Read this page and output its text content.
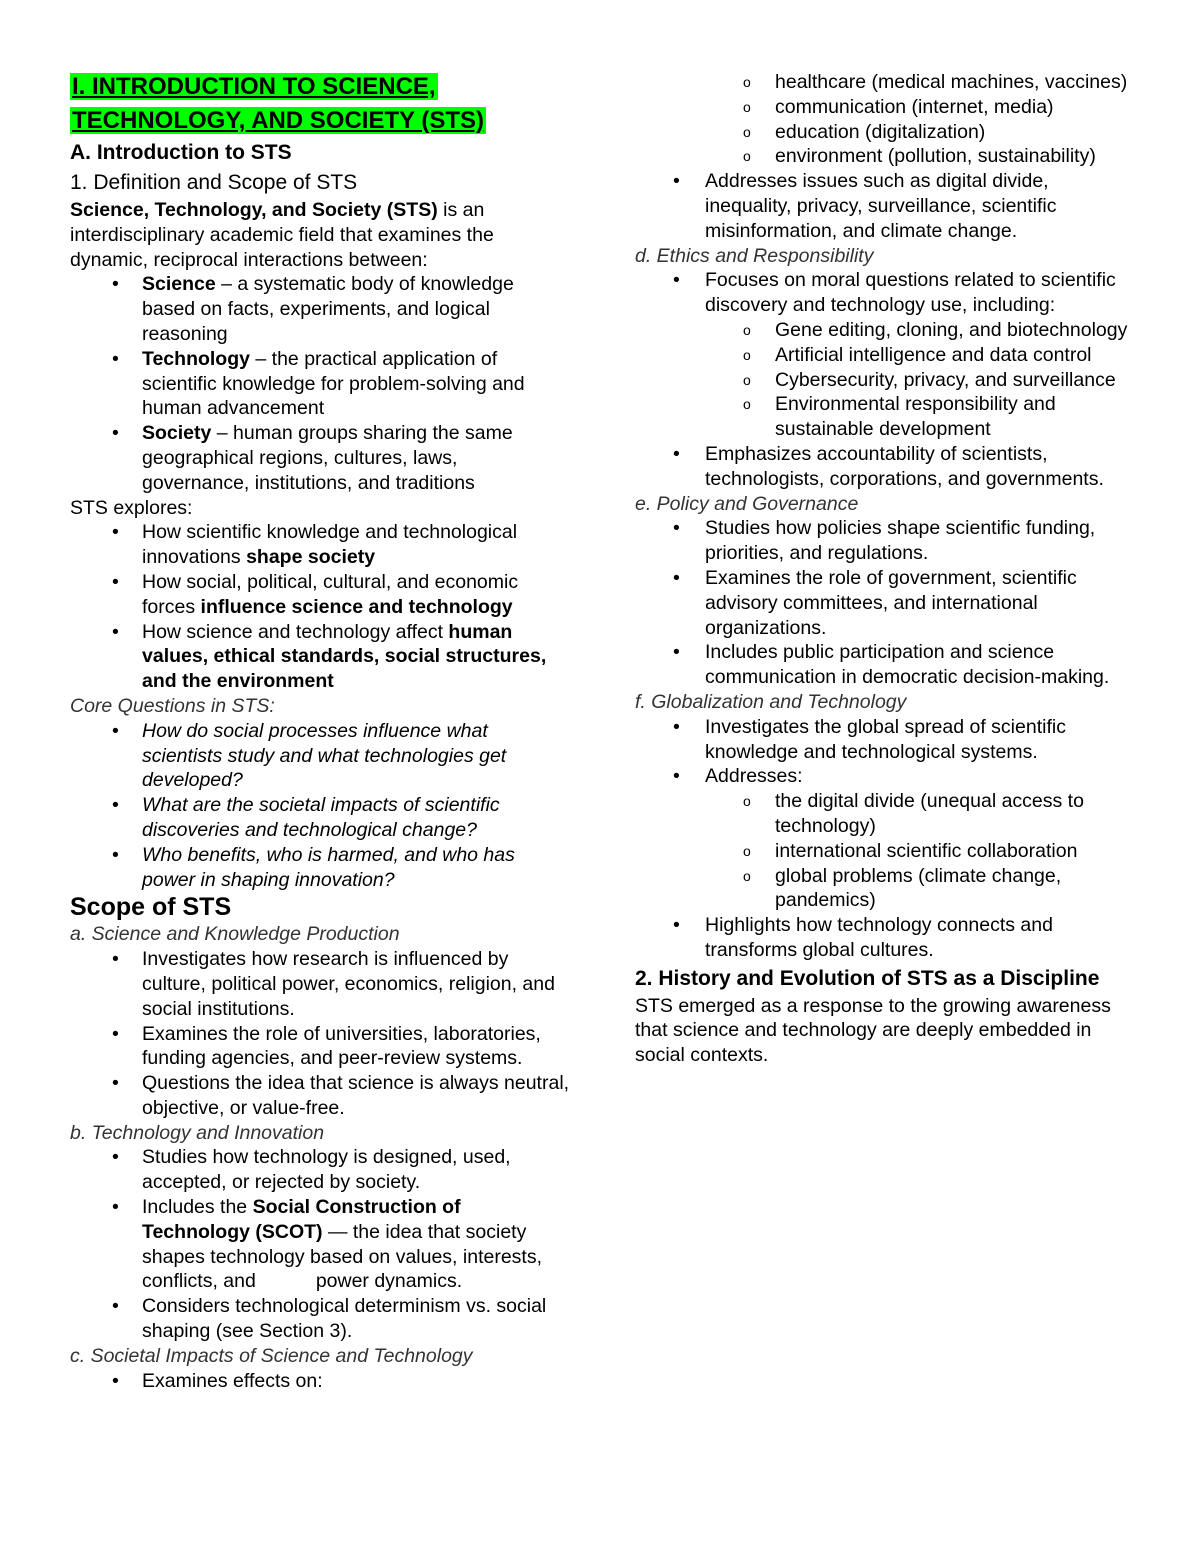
I. INTRODUCTION TO SCIENCE,
TECHNOLOGY, AND SOCIETY (STS)

A. Introduction to STS

1. Definition and Scope of STS

Science, Technology, and Society (STS) is an interdisciplinary academic field that examines the dynamic, reciprocal interactions between:

• Science – a systematic body of knowledge based on facts, experiments, and logical reasoning
• Technology – the practical application of scientific knowledge for problem-solving and human advancement
• Society – human groups sharing the same geographical regions, cultures, laws, governance, institutions, and traditions

STS explores:

• How scientific knowledge and technological innovations shape society
• How social, political, cultural, and economic forces influence science and technology
• How science and technology affect human values, ethical standards, social structures, and the environment

Core Questions in STS:

• How do social processes influence what scientists study and what technologies get developed?
• What are the societal impacts of scientific discoveries and technological change?
• Who benefits, who is harmed, and who has power in shaping innovation?

Scope of STS

a. Science and Knowledge Production

• Investigates how research is influenced by culture, political power, economics, religion, and social institutions.
• Examines the role of universities, laboratories, funding agencies, and peer-review systems.
• Questions the idea that science is always neutral, objective, or value-free.

b. Technology and Innovation

• Studies how technology is designed, used, accepted, or rejected by society.
• Includes the Social Construction of Technology (SCOT) — the idea that society shapes technology based on values, interests, conflicts, and	power dynamics.
• Considers technological determinism vs. social shaping (see Section 3).

c. Societal Impacts of Science and Technology

• Examines effects on:
o healthcare (medical machines, vaccines)
o communication (internet, media)
o education (digitalization)
o environment (pollution, sustainability)
• Addresses issues such as digital divide, inequality, privacy, surveillance, scientific misinformation, and climate change.

d. Ethics and Responsibility

• Focuses on moral questions related to scientific discovery and technology use, including:
o Gene editing, cloning, and biotechnology
o Artificial intelligence and data control
o Cybersecurity, privacy, and surveillance
o Environmental responsibility and sustainable development
• Emphasizes accountability of scientists, technologists, corporations, and governments.

e. Policy and Governance

• Studies how policies shape scientific funding, priorities, and regulations.
• Examines the role of government, scientific advisory committees, and international organizations.
• Includes public participation and science communication in democratic decision-making.

f. Globalization and Technology

• Investigates the global spread of scientific knowledge and technological systems.
• Addresses:
o the digital divide (unequal access to technology)
o international scientific collaboration
o global problems (climate change, pandemics)
• Highlights how technology connects and transforms global cultures.

2. History and Evolution of STS as a Discipline

STS emerged as a response to the growing awareness that science and technology are deeply embedded in social contexts.
